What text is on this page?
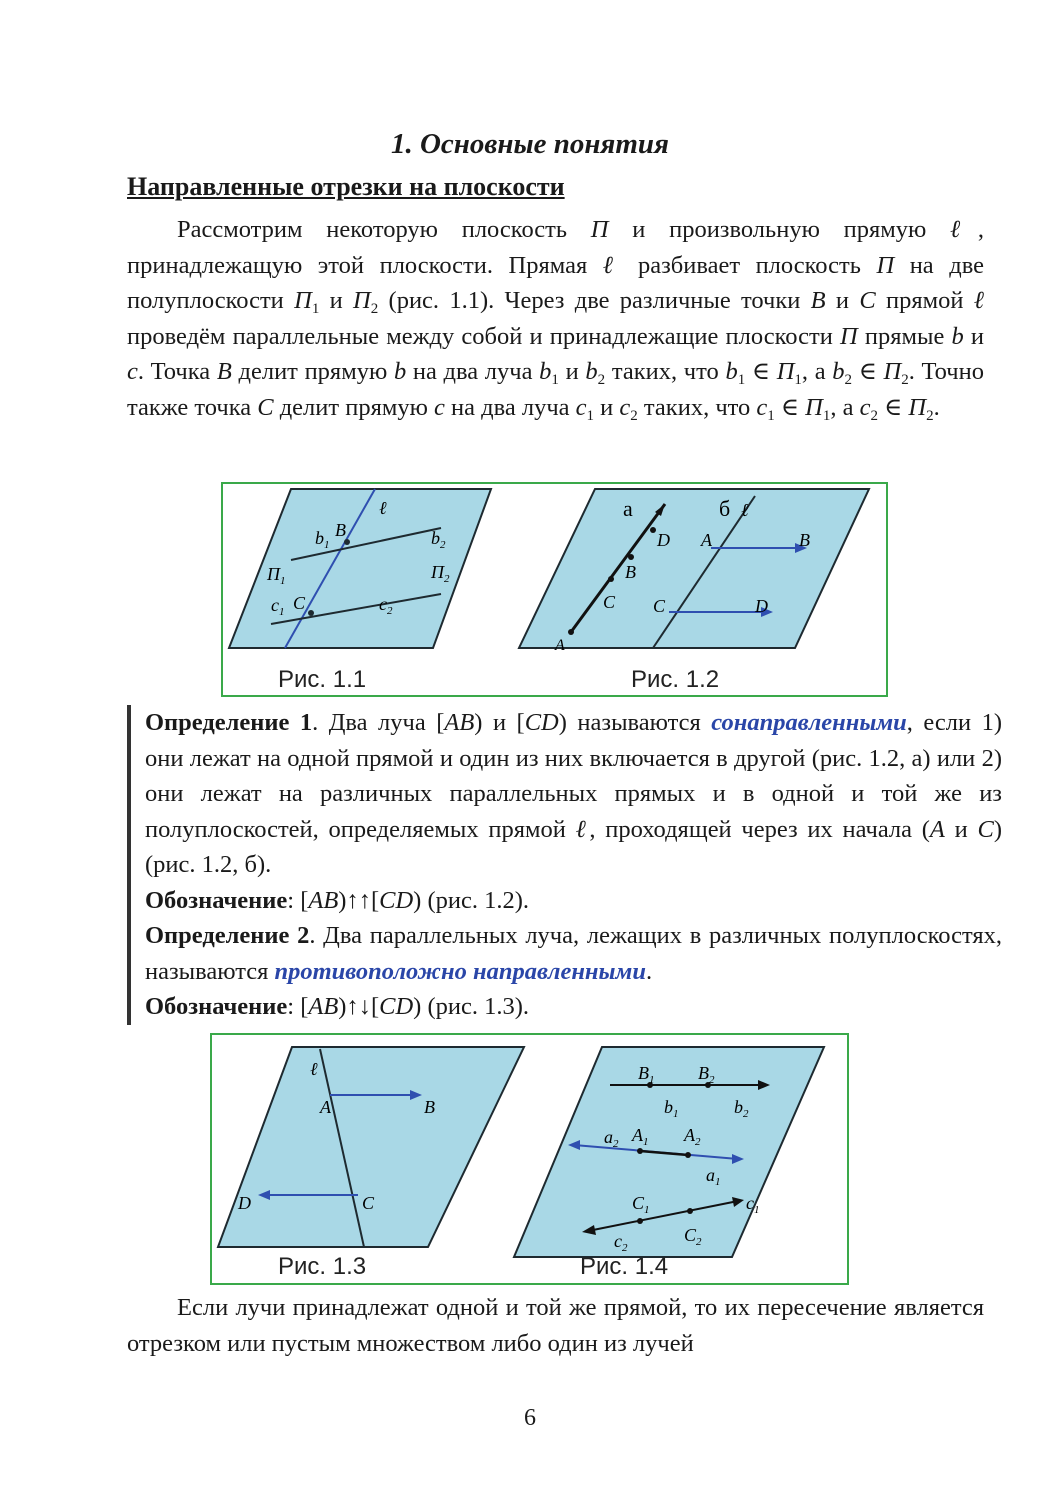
1. Основные понятия
Направленные отрезки на плоскости

Рассмотрим некоторую плоскость П и произвольную прямую ℓ, принадлежащую этой плоскости. Прямая ℓ разбивает плоскость П на две полуплоскости $П_1$ и $П_2$ (рис. 1.1). Через две различные точки B и C прямой ℓ проведём параллельные между собой и принадлежащие плоскости П прямые b и c. Точка B делит прямую b на два луча $b_1$ и $b_2$ таких, что $b_1$ ∈ $П_1$, а $b_2$ ∈ $П_2$. Точно также точка C делит прямую c на два луча $c_1$ и $c_2$ таких, что $c_1$ ∈ $П_1$, а $c_2$ ∈ $П_2$.

ℓ
$b_1$
B	$b_2$
$П_1$	$П_2$
$c_1$ C	$c_2$
а	б ℓ
D
B
C
A
A	B
C	D
Рис. 1.1	Рис. 1.2

Определение 1. Два луча [AB) и [CD) называются сонаправленными, если 1) они лежат на одной прямой и один из них включается в другой (рис. 1.2, а) или 2) они лежат на различных параллельных прямых и в одной и той же из полуплоскостей, определяемых прямой ℓ, проходящей через их начала (A и C) (рис. 1.2, б).

Обозначение: [AB)↑↑[CD) (рис. 1.2).

Определение 2. Два параллельных луча, лежащих в различных полуплоскостях, называются противоположно направленными.

Обозначение: [AB)↑↓[CD) (рис. 1.3).

ℓ
A	B
D	C
$B_1$ $B_2$
$b_1$	$b_2$
$a_2$ $A_1$ $A_2$
$a_1$
$C_1$	$c_1$
$c_2$
$C_2$
Рис. 1.3	Рис. 1.4

Если лучи принадлежат одной и той же прямой, то их пересечение является отрезком или пустым множеством либо один из лучей

6
